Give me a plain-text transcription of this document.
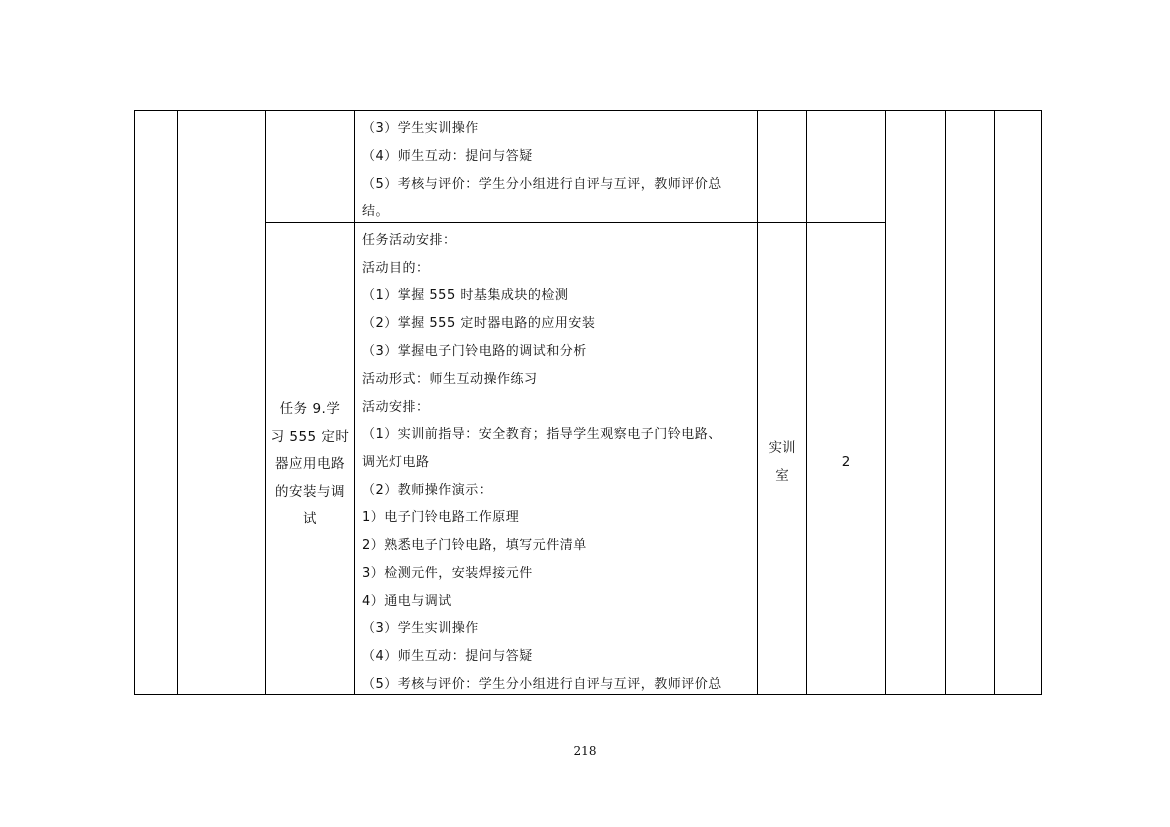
（3）学生实训操作
（4）师生互动：提问与答疑
（5）考核与评价：学生分小组进行自评与互评，教师评价总
结。
任务 9.学
习 555 定时
器应用电路
的安装与调
试
任务活动安排：
活动目的：
（1）掌握 555 时基集成块的检测
（2）掌握 555 定时器电路的应用安装
（3）掌握电子门铃电路的调试和分析
活动形式：师生互动操作练习
活动安排：
（1）实训前指导：安全教育；指导学生观察电子门铃电路、
调光灯电路
（2）教师操作演示：
1）电子门铃电路工作原理
2）熟悉电子门铃电路，填写元件清单
3）检测元件，安装焊接元件
4）通电与调试
（3）学生实训操作
（4）师生互动：提问与答疑
（5）考核与评价：学生分小组进行自评与互评，教师评价总
实训
室
2
218
